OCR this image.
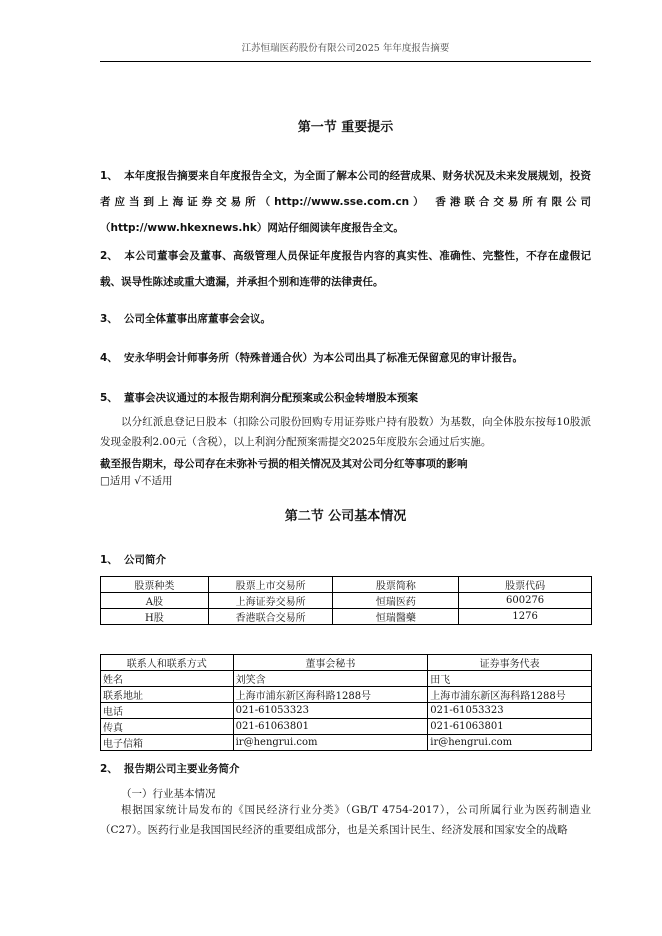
江苏恒瑞医药股份有限公司2025 年年度报告摘要
第一节 重要提示
1、 本年度报告摘要来自年度报告全文，为全面了解本公司的经营成果、财务状况及未来发展规划，投资者应当到上海证券交易所（http://www.sse.com.cn） 香港联合交易所有限公司（http://www.hkexnews.hk）网站仔细阅读年度报告全文。
2、 本公司董事会及董事、高级管理人员保证年度报告内容的真实性、准确性、完整性，不存在虚假记载、误导性陈述或重大遗漏，并承担个别和连带的法律责任。
3、 公司全体董事出席董事会会议。
4、 安永华明会计师事务所（特殊普通合伙）为本公司出具了标准无保留意见的审计报告。
5、 董事会决议通过的本报告期利润分配预案或公积金转增股本预案
以分红派息登记日股本（扣除公司股份回购专用证券账户持有股数）为基数，向全体股东按每10股派发现金股利2.00元（含税），以上利润分配预案需提交2025年度股东会通过后实施。
截至报告期末，母公司存在未弥补亏损的相关情况及其对公司分红等事项的影响
□适用 √不适用
第二节 公司基本情况
1、 公司简介
股票种类	股票上市交易所	股票简称	股票代码
A股	上海证券交易所	恒瑞医药	600276
H股	香港联合交易所	恒瑞醫藥	1276
联系人和联系方式	董事会秘书	证券事务代表
姓名	刘笑含	田飞
联系地址	上海市浦东新区海科路1288号	上海市浦东新区海科路1288号
电话	021-61053323	021-61053323
传真	021-61063801	021-61063801
电子信箱	ir@hengrui.com	ir@hengrui.com
2、 报告期公司主要业务简介
（一）行业基本情况
根据国家统计局发布的《国民经济行业分类》（GB/T 4754-2017），公司所属行业为医药制造业（C27）。医药行业是我国国民经济的重要组成部分，也是关系国计民生、经济发展和国家安全的战略
